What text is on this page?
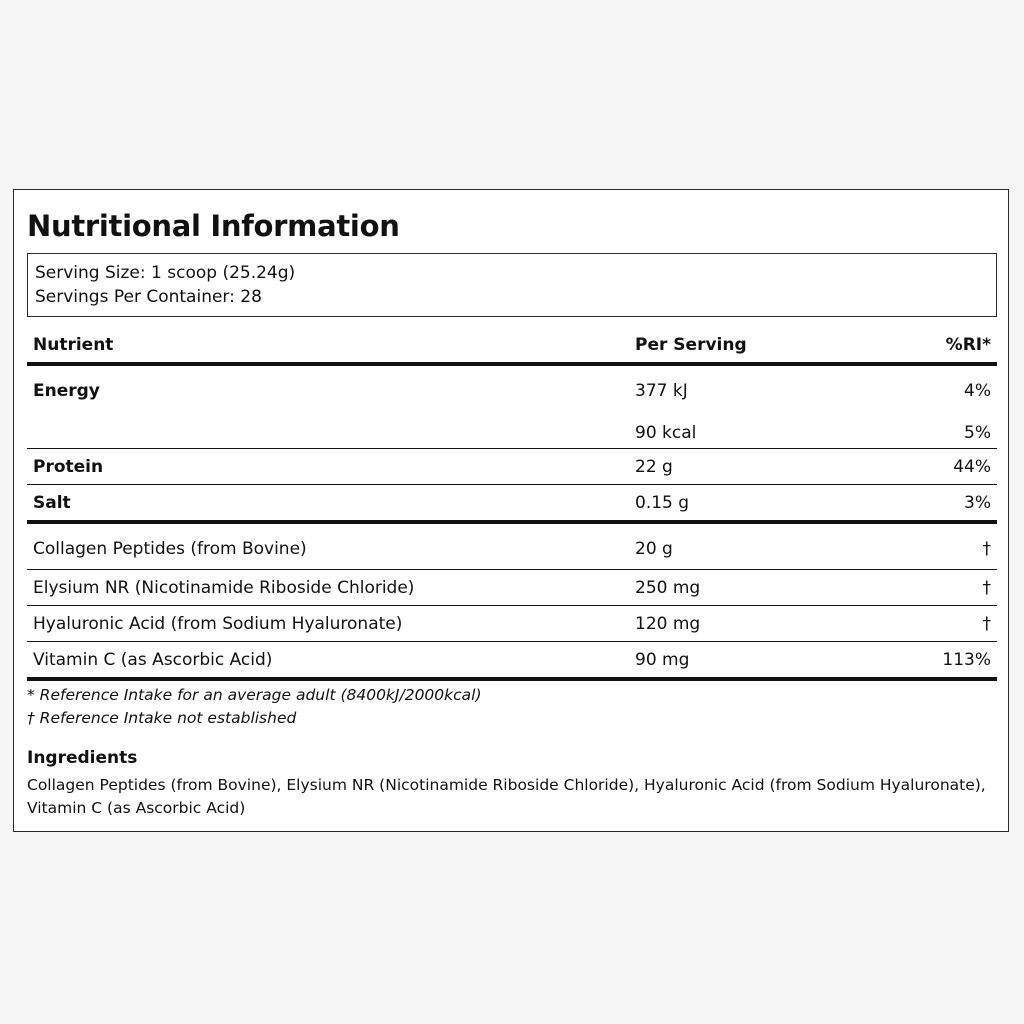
Nutritional Information
Serving Size: 1 scoop (25.24g)
Servings Per Container: 28
Nutrient	Per Serving	%RI*
Energy	377 kJ	4%
	90 kcal	5%
Protein	22 g	44%
Salt	0.15 g	3%
Collagen Peptides (from Bovine)	20 g	†
Elysium NR (Nicotinamide Riboside Chloride)	250 mg	†
Hyaluronic Acid (from Sodium Hyaluronate)	120 mg	†
Vitamin C (as Ascorbic Acid)	90 mg	113%
* Reference Intake for an average adult (8400kJ/2000kcal)
† Reference Intake not established
Ingredients
Collagen Peptides (from Bovine), Elysium NR (Nicotinamide Riboside Chloride), Hyaluronic Acid (from Sodium Hyaluronate), Vitamin C (as Ascorbic Acid)
